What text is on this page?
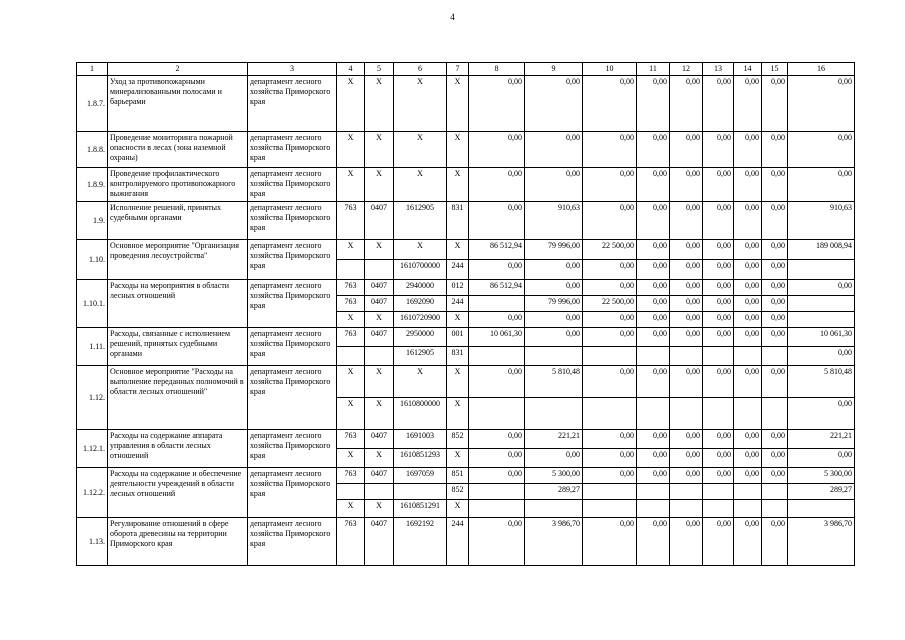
4
1	2	3	4	5	6	7	8	9	10	11	12	13	14	15	16
1.8.7.	Уход за противопожарными минерализованными полосами и барьерами	департамент лесного хозяйства Приморского края	X	X	X	X	0,00	0,00	0,00	0,00	0,00	0,00	0,00	0,00	0,00
1.8.8.	Проведение мониторинга пожарной опасности в лесах (зона наземной охраны)	департамент лесного хозяйства Приморского края	X	X	X	X	0,00	0,00	0,00	0,00	0,00	0,00	0,00	0,00	0,00
1.8.9.	Проведение профилактического контролируемого противопожарного выжигания	департамент лесного хозяйства Приморского края	X	X	X	X	0,00	0,00	0,00	0,00	0,00	0,00	0,00	0,00	0,00
1.9.	Исполнение решений, принятых судебными органами	департамент лесного хозяйства Приморского края	763	0407	1612905	831	0,00	910,63	0,00	0,00	0,00	0,00	0,00	0,00	910,63
1.10.	Основное мероприятие "Организация проведения лесоустройства"	департамент лесного хозяйства Приморского края	X	X	X	X	86 512,94	79 996,00	22 500,00	0,00	0,00	0,00	0,00	0,00	189 008,94
					1610700000	244	0,00	0,00	0,00	0,00	0,00	0,00	0,00	0,00	
1.10.1.	Расходы на мероприятия в области лесных отношений	департамент лесного хозяйства Приморского края	763	0407	2940000	012	86 512,94	0,00	0,00	0,00	0,00	0,00	0,00	0,00	0,00
			763	0407	1692090	244		79 996,00	22 500,00	0,00	0,00	0,00	0,00	0,00	
			X	X	1610720900	X	0,00	0,00	0,00	0,00	0,00	0,00	0,00	0,00	
1.11.	Расходы, связанные с исполнением решений, принятых судебными органами	департамент лесного хозяйства Приморского края	763	0407	2950000	001	10 061,30	0,00	0,00	0,00	0,00	0,00	0,00	0,00	10 061,30
					1612905	831									0,00
1.12.	Основное мероприятие "Расходы на выполнение переданных полномочий в области лесных отношений"	департамент лесного хозяйства Приморского края	X	X	X	X	0,00	5 810,48	0,00	0,00	0,00	0,00	0,00	0,00	5 810,48
			X	X	1610800000	X									0,00
1.12.1.	Расходы на содержание аппарата управления в области лесных отношений	департамент лесного хозяйства Приморского края	763	0407	1691003	852	0,00	221,21	0,00	0,00	0,00	0,00	0,00	0,00	221,21
			X	X	1610851293	X	0,00	0,00	0,00	0,00	0,00	0,00	0,00	0,00	0,00
1.12.2.	Расходы на содержание и обеспечение деятельности учреждений в области лесных отношений	департамент лесного хозяйства Приморского края	763	0407	1697059	851	0,00	5 300,00	0,00	0,00	0,00	0,00	0,00	0,00	5 300,00
						852		289,27							289,27
			X	X	1610851291	X									
1.13.	Регулирование отношений в сфере оборота древесины на территории Приморского края	департамент лесного хозяйства Приморского края	763	0407	1692192	244	0,00	3 986,70	0,00	0,00	0,00	0,00	0,00	0,00	3 986,70
